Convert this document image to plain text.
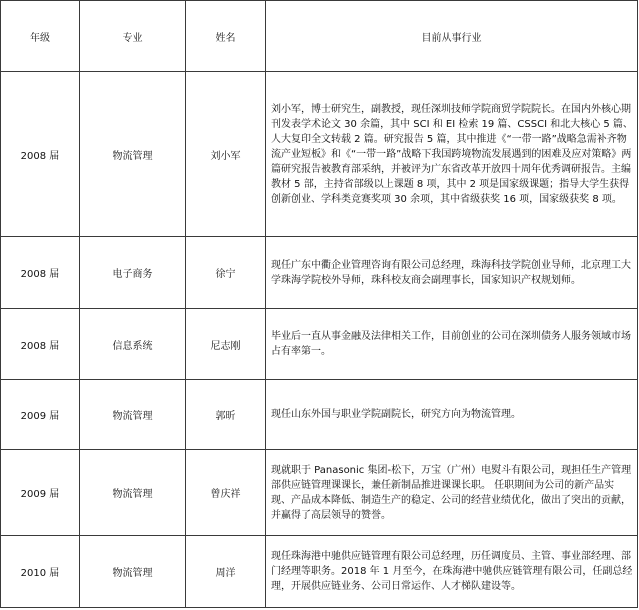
年级	专业	姓名	目前从事行业
2008 届	物流管理	刘小军	刘小军，博士研究生，副教授，现任深圳技师学院商贸学院院长。在国内外核心期刊发表学术论文 30 余篇，其中 SCI 和 EI 检索 19 篇、CSSCI 和北大核心 5 篇、人大复印全文转载 2 篇。研究报告 5 篇，其中推进《“一带一路”战略急需补齐物流产业短板》和《“一带一路”战略下我国跨境物流发展遇到的困难及应对策略》两篇研究报告被教育部采纳，并被评为广东省改革开放四十周年优秀调研报告。主编教材 5 部，主持省部级以上课题 8 项，其中 2 项是国家级课题；指导大学生获得创新创业、学科类竞赛奖项 30 余项，其中省级获奖 16 项，国家级获奖 8 项。
2008 届	电子商务	徐宁	现任广东中衢企业管理咨询有限公司总经理，珠海科技学院创业导师，北京理工大学珠海学院校外导师，珠科校友商会副理事长，国家知识产权规划师。
2008 届	信息系统	尼志刚	毕业后一直从事金融及法律相关工作，目前创业的公司在深圳债务人服务领域市场占有率第一。
2009 届	物流管理	郭昕	现任山东外国与职业学院副院长，研究方向为物流管理。
2009 届	物流管理	曾庆祥	现就职于 Panasonic 集团-松下，万宝（广州）电熨斗有限公司，现担任生产管理部供应链管理课课长，兼任新制品推进课课长职。 任职期间为公司的新产品实现、产品成本降低、制造生产的稳定、公司的经营业绩优化，做出了突出的贡献，并赢得了高层领导的赞誉。
2010 届	物流管理	周洋	现任珠海港中驰供应链管理有限公司总经理，历任调度员、主管、事业部经理、部门经理等职务。2018 年 1 月至今，在珠海港中驰供应链管理有限公司，任副总经理，开展供应链业务、公司日常运作、人才梯队建设等。
